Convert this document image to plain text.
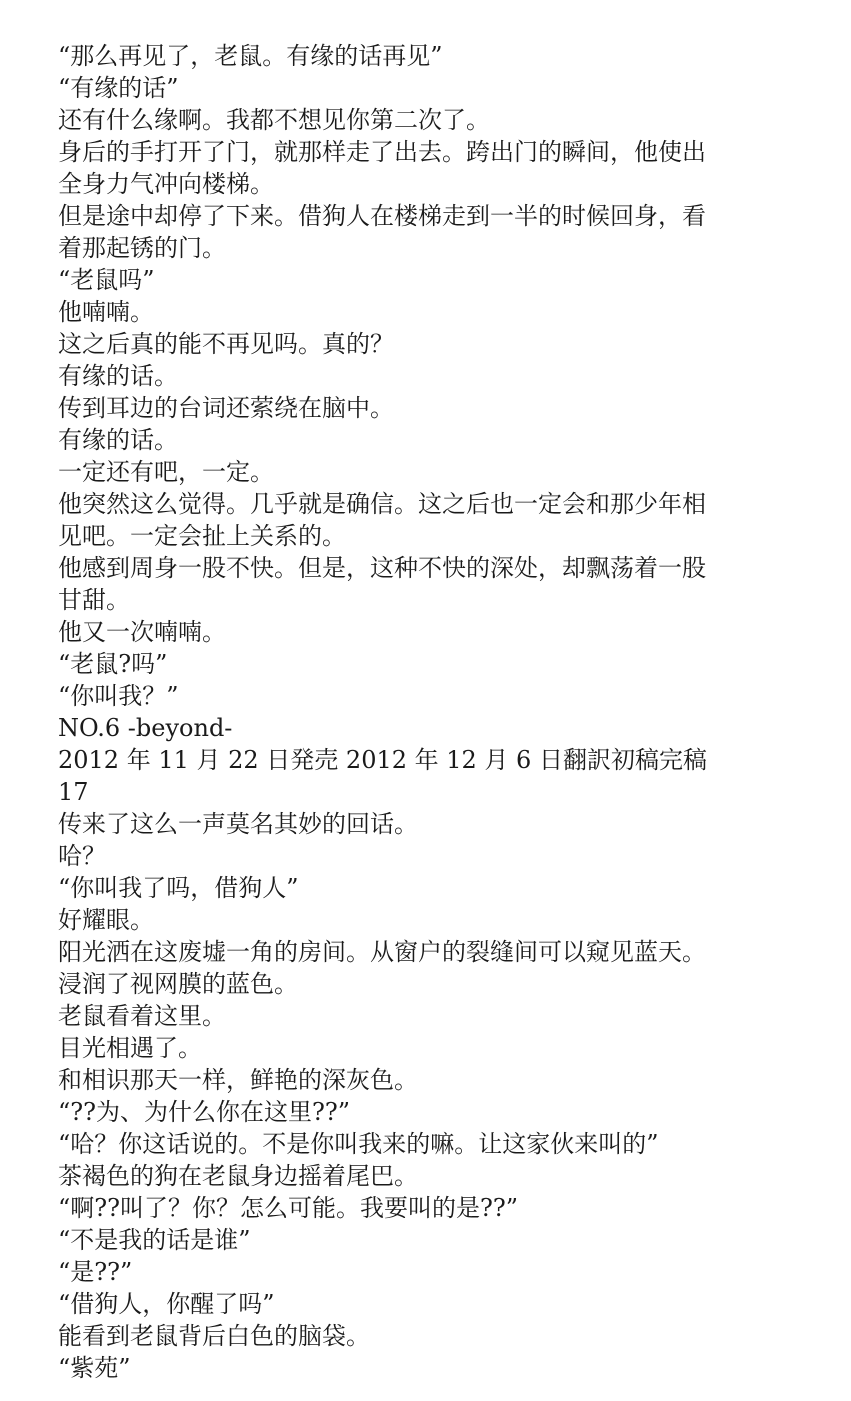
“那么再见了，老鼠。有缘的话再见”
“有缘的话”
还有什么缘啊。我都不想见你第二次了。
身后的手打开了门，就那样走了出去。跨出门的瞬间，他使出
全身力气冲向楼梯。
但是途中却停了下来。借狗人在楼梯走到一半的时候回身，看
着那起锈的门。
“老鼠吗”
他喃喃。
这之后真的能不再见吗。真的？
有缘的话。
传到耳边的台词还萦绕在脑中。
有缘的话。
一定还有吧，一定。
他突然这么觉得。几乎就是确信。这之后也一定会和那少年相
见吧。一定会扯上关系的。
他感到周身一股不快。但是，这种不快的深处，却飘荡着一股
甘甜。
他又一次喃喃。
“老鼠?吗”
“你叫我？”
NO.6 -beyond-
2012 年 11 月 22 日発売 2012 年 12 月 6 日翻訳初稿完稿
17
传来了这么一声莫名其妙的回话。
哈？
“你叫我了吗，借狗人”
好耀眼。
阳光洒在这废墟一角的房间。从窗户的裂缝间可以窥见蓝天。
浸润了视网膜的蓝色。
老鼠看着这里。
目光相遇了。
和相识那天一样，鲜艳的深灰色。
“??为、为什么你在这里??”
“哈？你这话说的。不是你叫我来的嘛。让这家伙来叫的”
茶褐色的狗在老鼠身边摇着尾巴。
“啊??叫了？你？怎么可能。我要叫的是??”
“不是我的话是谁”
“是??”
“借狗人，你醒了吗”
能看到老鼠背后白色的脑袋。
“紫苑”
